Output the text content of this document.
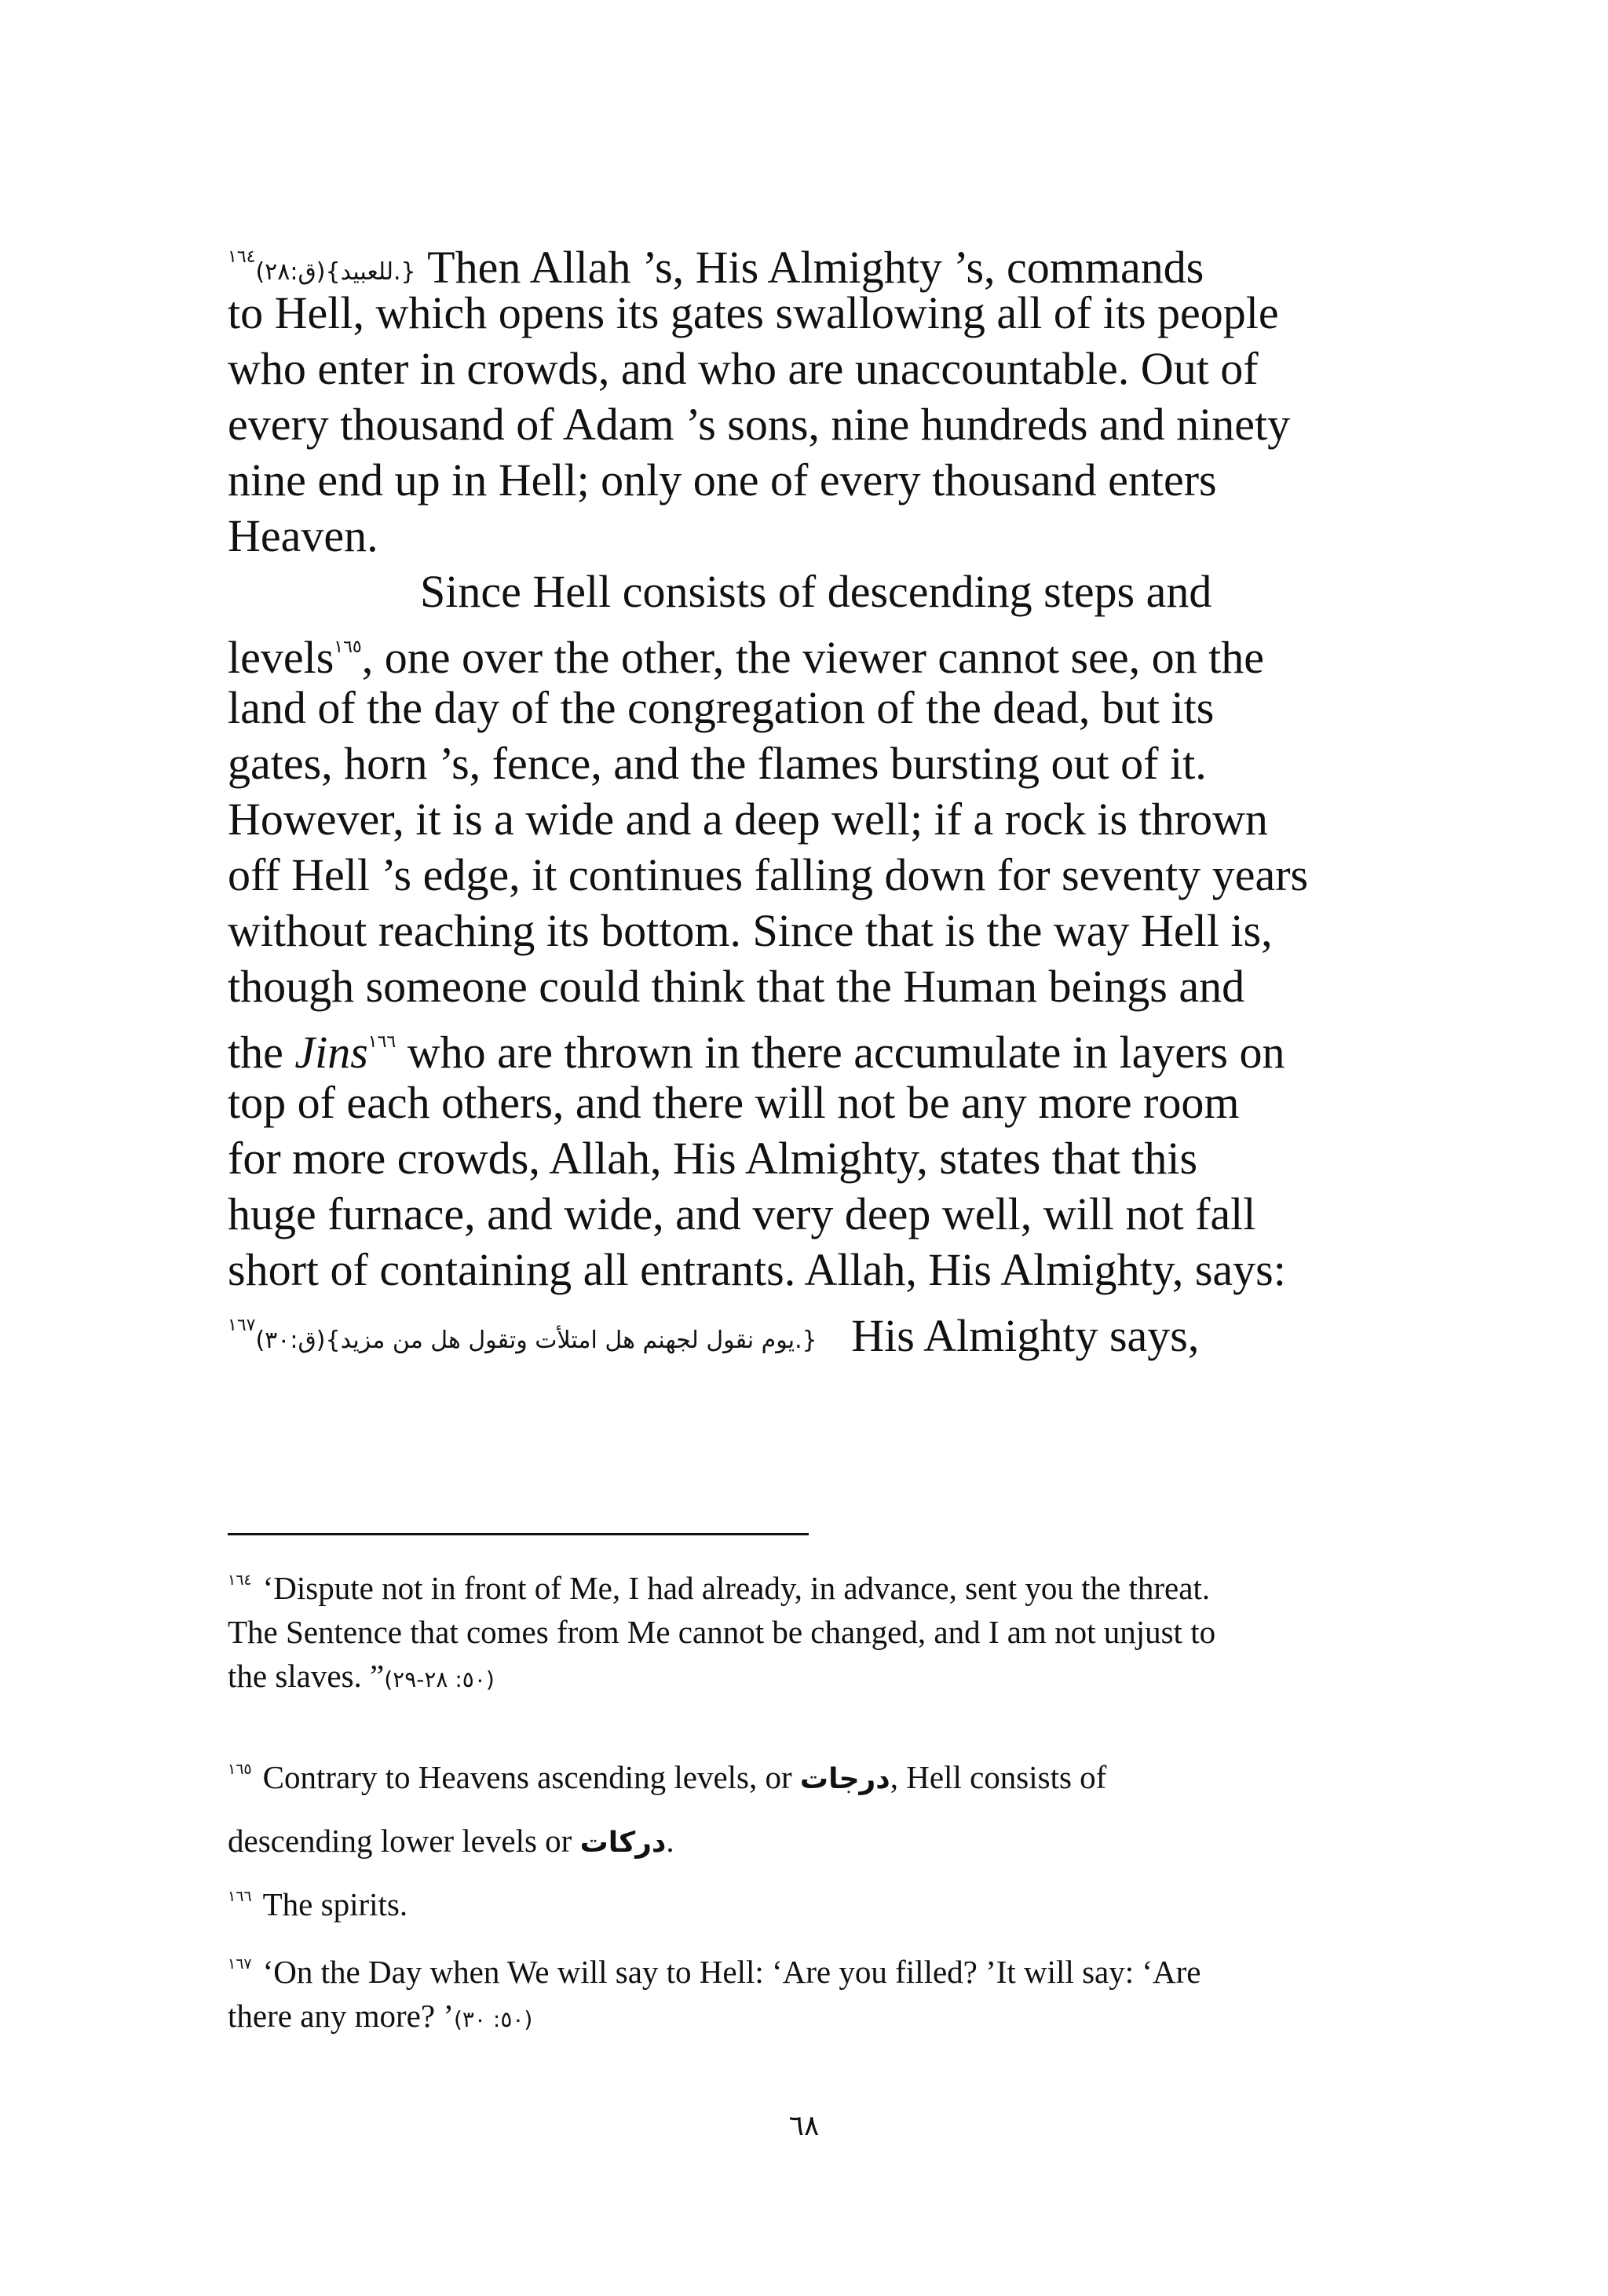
$^{١٦٤}$(ق:٢٨){للعبيد.} Then Allah ’s, His Almighty ’s, commands
to Hell, which opens its gates swallowing all of its people
who enter in crowds, and who are unaccountable. Out of
every thousand of Adam ’s sons, nine hundreds and ninety
nine end up in Hell; only one of every thousand enters
Heaven.
Since Hell consists of descending steps and
levels$^{١٦٥}$, one over the other, the viewer cannot see, on the
land of the day of the congregation of the dead, but its
gates, horn ’s, fence, and the flames bursting out of it.
However, it is a wide and a deep well; if a rock is thrown
off Hell ’s edge, it continues falling down for seventy years
without reaching its bottom. Since that is the way Hell is,
though someone could think that the Human beings and
the Jins$^{١٦٦}$ who are thrown in there accumulate in layers on
top of each others, and there will not be any more room
for more crowds, Allah, His Almighty, states that this
huge furnace, and wide, and very deep well, will not fall
short of containing all entrants. Allah, His Almighty, says:
$^{١٦٧}$(ق:٣٠){يوم نقول لجهنم هل امتلأت وتقول هل من مزيد.} His Almighty says,
$^{١٦٤}$ ‘Dispute not in front of Me, I had already, in advance, sent you the threat.
The Sentence that comes from Me cannot be changed, and I am not unjust to
the slaves. ”(٥٠: ٢٨-٢٩)
$^{١٦٥}$ Contrary to Heavens ascending levels, or درجات, Hell consists of
descending lower levels or دركات.
$^{١٦٦}$ The spirits.
$^{١٦٧}$ ‘On the Day when We will say to Hell: ‘Are you filled? ’It will say: ‘Are
there any more? ’(٥٠: ٣٠)
٦٨
